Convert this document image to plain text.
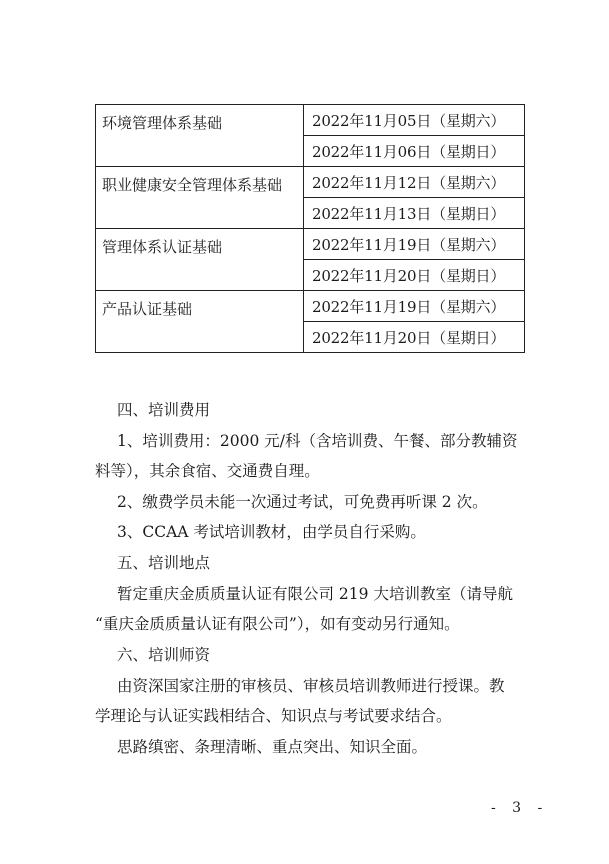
环境管理体系基础	2022年11月05日（星期六）
	2022年11月06日（星期日）
职业健康安全管理体系基础	2022年11月12日（星期六）
	2022年11月13日（星期日）
管理体系认证基础	2022年11月19日（星期六）
	2022年11月20日（星期日）
产品认证基础	2022年11月19日（星期六）
	2022年11月20日（星期日）
四、培训费用
1、培训费用：2000 元/科（含培训费、午餐、部分教辅资
料等），其余食宿、交通费自理。
2、缴费学员未能一次通过考试，可免费再听课 2 次。
3、CCAA 考试培训教材，由学员自行采购。
五、培训地点
暂定重庆金质质量认证有限公司 219 大培训教室（请导航
“重庆金质质量认证有限公司”），如有变动另行通知。
六、培训师资
由资深国家注册的审核员、审核员培训教师进行授课。教
学理论与认证实践相结合、知识点与考试要求结合。
思路缜密、条理清晰、重点突出、知识全面。
- 3 -
